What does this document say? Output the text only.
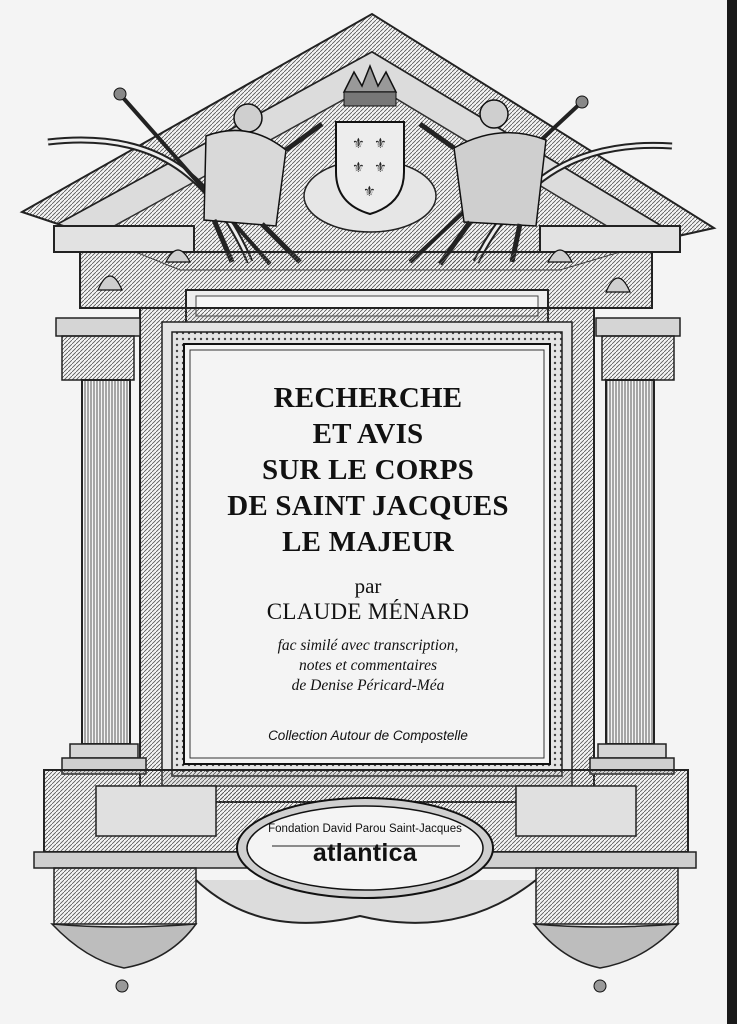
⚜ ⚜
⚜ ⚜
⚜
RECHERCHE
ET AVIS
SUR LE CORPS
DE SAINT JACQUES
LE MAJEUR
par
CLAUDE MÉNARD
fac similé avec transcription,
notes et commentaires
de Denise Péricard-Méa
Collection Autour de Compostelle
Fondation David Parou Saint-Jacques
atlantica
